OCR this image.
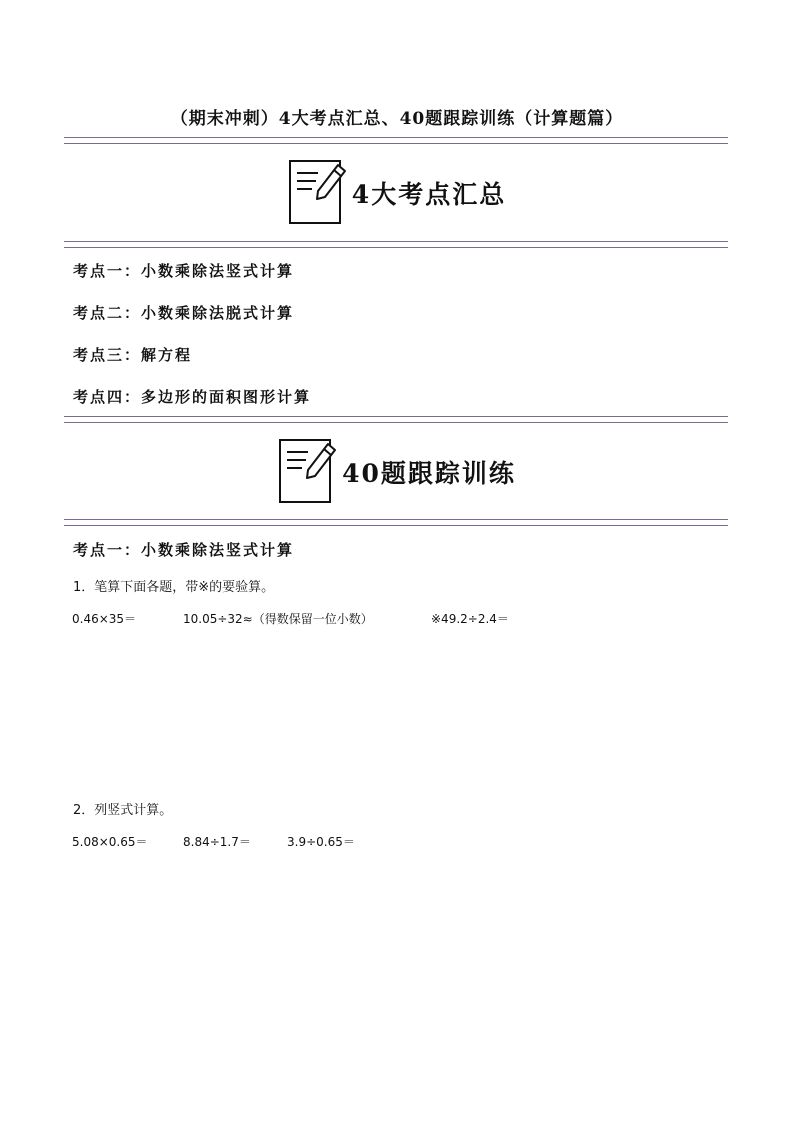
（期末冲刺）4大考点汇总、40题跟踪训练（计算题篇）
4大考点汇总
考点一：小数乘除法竖式计算
考点二：小数乘除法脱式计算
考点三：解方程
考点四：多边形的面积图形计算
40题跟踪训练
考点一：小数乘除法竖式计算
1．笔算下面各题，带※的要验算。
0.46×35＝	10.05÷32≈（得数保留一位小数）	※49.2÷2.4＝
2．列竖式计算。
5.08×0.65＝	8.84÷1.7＝	3.9÷0.65＝
